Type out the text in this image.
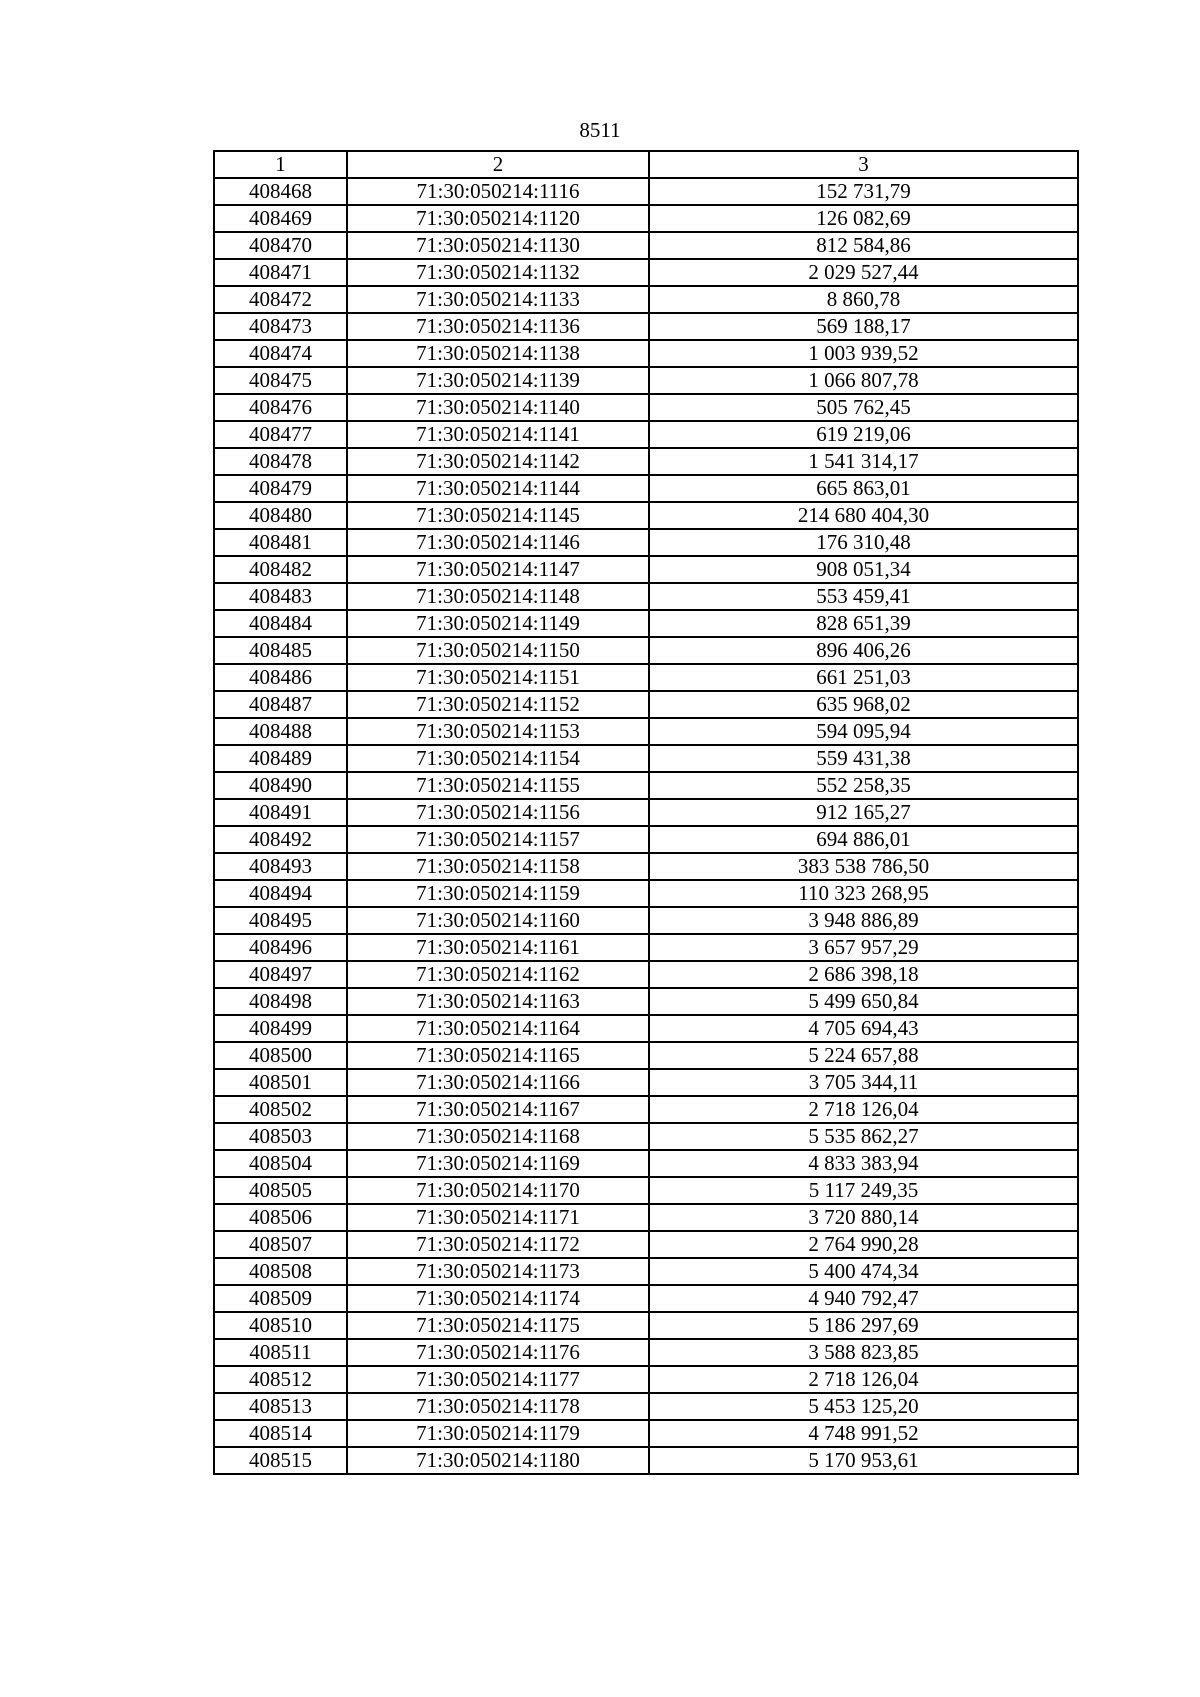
8511
1	2	3
408468	71:30:050214:1116	152 731,79
408469	71:30:050214:1120	126 082,69
408470	71:30:050214:1130	812 584,86
408471	71:30:050214:1132	2 029 527,44
408472	71:30:050214:1133	8 860,78
408473	71:30:050214:1136	569 188,17
408474	71:30:050214:1138	1 003 939,52
408475	71:30:050214:1139	1 066 807,78
408476	71:30:050214:1140	505 762,45
408477	71:30:050214:1141	619 219,06
408478	71:30:050214:1142	1 541 314,17
408479	71:30:050214:1144	665 863,01
408480	71:30:050214:1145	214 680 404,30
408481	71:30:050214:1146	176 310,48
408482	71:30:050214:1147	908 051,34
408483	71:30:050214:1148	553 459,41
408484	71:30:050214:1149	828 651,39
408485	71:30:050214:1150	896 406,26
408486	71:30:050214:1151	661 251,03
408487	71:30:050214:1152	635 968,02
408488	71:30:050214:1153	594 095,94
408489	71:30:050214:1154	559 431,38
408490	71:30:050214:1155	552 258,35
408491	71:30:050214:1156	912 165,27
408492	71:30:050214:1157	694 886,01
408493	71:30:050214:1158	383 538 786,50
408494	71:30:050214:1159	110 323 268,95
408495	71:30:050214:1160	3 948 886,89
408496	71:30:050214:1161	3 657 957,29
408497	71:30:050214:1162	2 686 398,18
408498	71:30:050214:1163	5 499 650,84
408499	71:30:050214:1164	4 705 694,43
408500	71:30:050214:1165	5 224 657,88
408501	71:30:050214:1166	3 705 344,11
408502	71:30:050214:1167	2 718 126,04
408503	71:30:050214:1168	5 535 862,27
408504	71:30:050214:1169	4 833 383,94
408505	71:30:050214:1170	5 117 249,35
408506	71:30:050214:1171	3 720 880,14
408507	71:30:050214:1172	2 764 990,28
408508	71:30:050214:1173	5 400 474,34
408509	71:30:050214:1174	4 940 792,47
408510	71:30:050214:1175	5 186 297,69
408511	71:30:050214:1176	3 588 823,85
408512	71:30:050214:1177	2 718 126,04
408513	71:30:050214:1178	5 453 125,20
408514	71:30:050214:1179	4 748 991,52
408515	71:30:050214:1180	5 170 953,61
